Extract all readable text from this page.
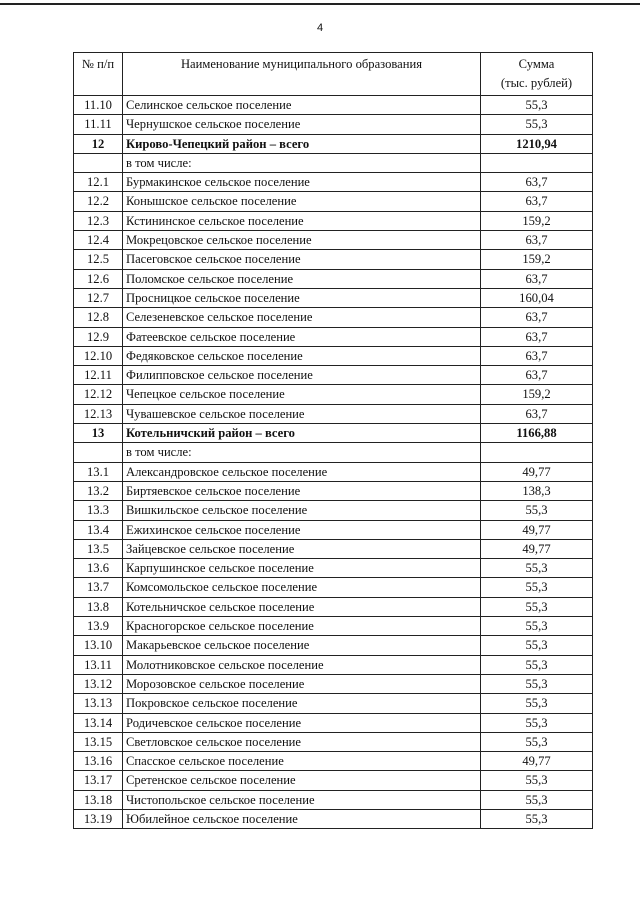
4
№ п/п	Наименование муниципального образования	Сумма
(тыс. рублей)

11.10	Селинское сельское поселение	55,3
11.11	Чернушское сельское поселение	55,3
12	Кирово-Чепецкий район – всего	1210,94
	в том числе:	
12.1	Бурмакинское сельское поселение	63,7
12.2	Конышское сельское поселение	63,7
12.3	Кстининское сельское поселение	159,2
12.4	Мокрецовское сельское поселение	63,7
12.5	Пасеговское сельское поселение	159,2
12.6	Поломское сельское поселение	63,7
12.7	Просницкое сельское поселение	160,04
12.8	Селезеневское сельское поселение	63,7
12.9	Фатеевское сельское поселение	63,7
12.10	Федяковское сельское поселение	63,7
12.11	Филипповское сельское поселение	63,7
12.12	Чепецкое сельское поселение	159,2
12.13	Чувашевское сельское поселение	63,7
13	Котельничский район – всего	1166,88
	в том числе:	
13.1	Александровское сельское поселение	49,77
13.2	Биртяевское сельское поселение	138,3
13.3	Вишкильское сельское поселение	55,3
13.4	Ежихинское сельское поселение	49,77
13.5	Зайцевское сельское поселение	49,77
13.6	Карпушинское сельское поселение	55,3
13.7	Комсомольское сельское поселение	55,3
13.8	Котельничское сельское поселение	55,3
13.9	Красногорское сельское поселение	55,3
13.10	Макарьевское сельское поселение	55,3
13.11	Молотниковское сельское поселение	55,3
13.12	Морозовское сельское поселение	55,3
13.13	Покровское сельское поселение	55,3
13.14	Родичевское сельское поселение	55,3
13.15	Светловское сельское поселение	55,3
13.16	Спасское сельское поселение	49,77
13.17	Сретенское сельское поселение	55,3
13.18	Чистопольское сельское поселение	55,3
13.19	Юбилейное сельское поселение	55,3
